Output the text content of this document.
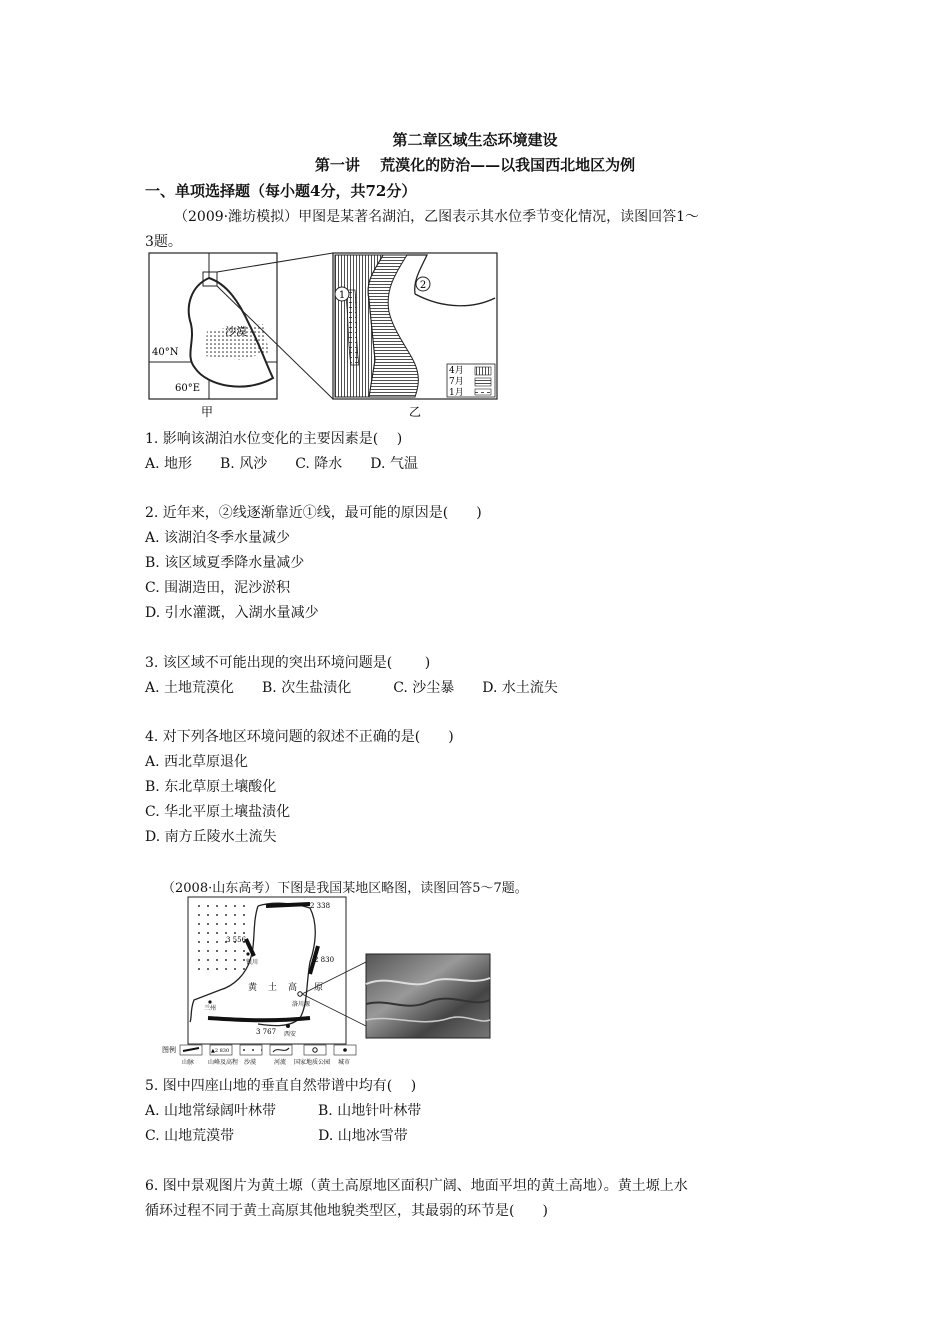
第二章区域生态环境建设
第一讲　 荒漠化的防治——以我国西北地区为例
一、单项选择题（每小题4分，共72分）
（2009·潍坊模拟）甲图是某著名湖泊，乙图表示其水位季节变化情况，读图回答1～
3题。
沙漠
40°N
60°E
1
2
4月
7月
1月
甲	乙
1. 影响该湖泊水位变化的主要因素是(　 )
A. 地形　　B. 风沙　　C. 降水　　D. 气温
2. 近年来，②线逐渐靠近①线，最可能的原因是(　　)
A. 该湖泊冬季水量减少
B. 该区域夏季降水量减少
C. 围湖造田，泥沙淤积
D. 引水灌溉，入湖水量减少
3. 该区域不可能出现的突出环境问题是(　　 )
A. 土地荒漠化　　B. 次生盐渍化　　　C. 沙尘暴　　D. 水土流失
4. 对下列各地区环境问题的叙述不正确的是(　　)
A. 西北草原退化
B. 东北草原土壤酸化
C. 华北平原土壤盐渍化
D. 南方丘陵水土流失
（2008·山东高考）下图是我国某地区略图，读图回答5～7题。
2 338
3 556
2 830
3 767
银川
兰州
西安
洛川塬
黄 土 高 原
图例	▲2 830
山脉 山峰及高程 沙漠	河流 国家地质公园 城市
5. 图中四座山地的垂直自然带谱中均有(　 )
A. 山地常绿阔叶林带　　　B. 山地针叶林带
C. 山地荒漠带　　　　　　D. 山地冰雪带
6. 图中景观图片为黄土塬（黄土高原地区面积广阔、地面平坦的黄土高地）。黄土塬上水
循环过程不同于黄土高原其他地貌类型区，其最弱的环节是(　　)
